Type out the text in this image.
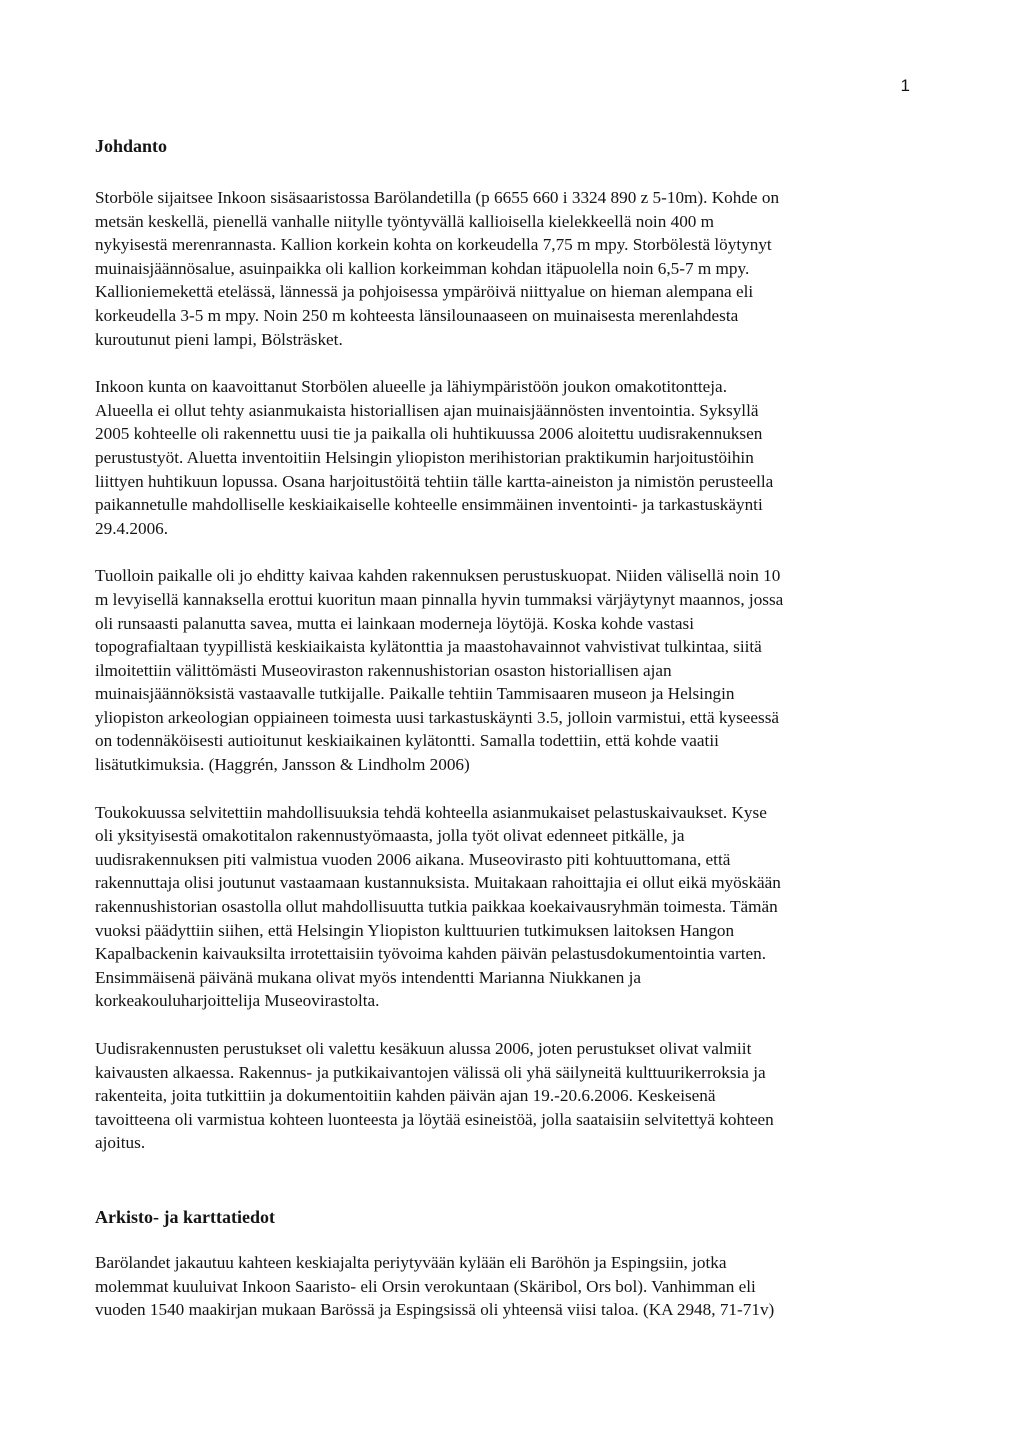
1
Johdanto

Storböle sijaitsee Inkoon sisäsaaristossa Barölandetilla (p 6655 660 i 3324 890 z 5-10m). Kohde on
metsän keskellä, pienellä vanhalle niitylle työntyvällä kallioisella kielekkeellä noin 400 m
nykyisestä merenrannasta. Kallion korkein kohta on korkeudella 7,75 m mpy. Storbölestä löytynyt
muinaisjäännösalue, asuinpaikka oli kallion korkeimman kohdan itäpuolella noin 6,5-7 m mpy.
Kallioniemekettä etelässä, lännessä ja pohjoisessa ympäröivä niittyalue on hieman alempana eli
korkeudella 3-5 m mpy. Noin 250 m kohteesta länsilounaaseen on muinaisesta merenlahdesta
kuroutunut pieni lampi, Bölsträsket.

Inkoon kunta on kaavoittanut Storbölen alueelle ja lähiympäristöön joukon omakotitontteja.
Alueella ei ollut tehty asianmukaista historiallisen ajan muinaisjäännösten inventointia. Syksyllä
2005 kohteelle oli rakennettu uusi tie ja paikalla oli huhtikuussa 2006 aloitettu uudisrakennuksen
perustustyöt. Aluetta inventoitiin Helsingin yliopiston merihistorian praktikumin harjoitustöihin
liittyen huhtikuun lopussa. Osana harjoitustöitä tehtiin tälle kartta-aineiston ja nimistön perusteella
paikannetulle mahdolliselle keskiaikaiselle kohteelle ensimmäinen inventointi- ja tarkastuskäynti
29.4.2006.

Tuolloin paikalle oli jo ehditty kaivaa kahden rakennuksen perustuskuopat. Niiden välisellä noin 10
m levyisellä kannaksella erottui kuoritun maan pinnalla hyvin tummaksi värjäytynyt maannos, jossa
oli runsaasti palanutta savea, mutta ei lainkaan moderneja löytöjä. Koska kohde vastasi
topografialtaan tyypillistä keskiaikaista kylätonttia ja maastohavainnot vahvistivat tulkintaa, siitä
ilmoitettiin välittömästi Museoviraston rakennushistorian osaston historiallisen ajan
muinaisjäännöksistä vastaavalle tutkijalle. Paikalle tehtiin Tammisaaren museon ja Helsingin
yliopiston arkeologian oppiaineen toimesta uusi tarkastuskäynti 3.5, jolloin varmistui, että kyseessä
on todennäköisesti autioitunut keskiaikainen kylätontti. Samalla todettiin, että kohde vaatii
lisätutkimuksia. (Haggrén, Jansson & Lindholm 2006)

Toukokuussa selvitettiin mahdollisuuksia tehdä kohteella asianmukaiset pelastuskaivaukset. Kyse
oli yksityisestä omakotitalon rakennustyömaasta, jolla työt olivat edenneet pitkälle, ja
uudisrakennuksen piti valmistua vuoden 2006 aikana. Museovirasto piti kohtuuttomana, että
rakennuttaja olisi joutunut vastaamaan kustannuksista. Muitakaan rahoittajia ei ollut eikä myöskään
rakennushistorian osastolla ollut mahdollisuutta tutkia paikkaa koekaivausryhmän toimesta. Tämän
vuoksi päädyttiin siihen, että Helsingin Yliopiston kulttuurien tutkimuksen laitoksen Hangon
Kapalbackenin kaivauksilta irrotettaisiin työvoima kahden päivän pelastusdokumentointia varten.
Ensimmäisenä päivänä mukana olivat myös intendentti Marianna Niukkanen ja
korkeakouluharjoittelija Museovirastolta.

Uudisrakennusten perustukset oli valettu kesäkuun alussa 2006, joten perustukset olivat valmiit
kaivausten alkaessa. Rakennus- ja putkikaivantojen välissä oli yhä säilyneitä kulttuurikerroksia ja
rakenteita, joita tutkittiin ja dokumentoitiin kahden päivän ajan 19.-20.6.2006. Keskeisenä
tavoitteena oli varmistua kohteen luonteesta ja löytää esineistöä, jolla saataisiin selvitettyä kohteen
ajoitus.

Arkisto- ja karttatiedot

Barölandet jakautuu kahteen keskiajalta periytyvään kylään eli Baröhön ja Espingsiin, jotka
molemmat kuuluivat Inkoon Saaristo- eli Orsin verokuntaan (Skäribol, Ors bol). Vanhimman eli
vuoden 1540 maakirjan mukaan Barössä ja Espingsissä oli yhteensä viisi taloa. (KA 2948, 71-71v)
